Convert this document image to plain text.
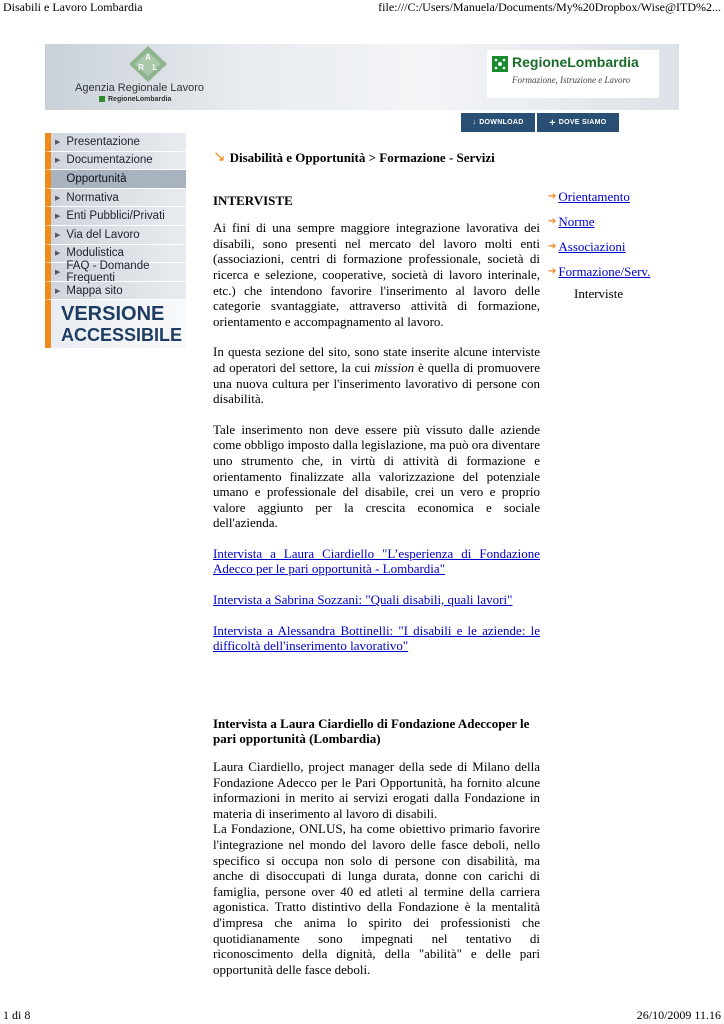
Disabili e Lavoro Lombardia	file:///C:/Users/Manuela/Documents/My%20Dropbox/Wise@ITD%2...
A
R L
Agenzia Regionale Lavoro
RegioneLombardia
RegioneLombardia
Formazione, Istruzione e Lavoro
↓ DOWNLOAD	✛ DOVE SIAMO
▶ Presentazione
▶ Documentazione
Opportunità
▶ Normativa
▶ Enti Pubblici/Privati
▶ Via del Lavoro
▶ Modulistica
▶
FAQ - Domande Frequenti
▶ Mappa sito
VERSIONE
ACCESSIBILE
↘ Disabilità e Opportunità > Formazione - Servizi
INTERVISTE

Ai fini di una sempre maggiore integrazione lavorativa dei disabili, sono presenti nel mercato del lavoro molti enti (associazioni, centri di formazione professionale, società di ricerca e selezione, cooperative, società di lavoro interinale, etc.) che intendono favorire l'inserimento al lavoro delle categorie svantaggiate, attraverso attività di formazione, orientamento e accompagnamento al lavoro.

In questa sezione del sito, sono state inserite alcune interviste ad operatori del settore, la cui mission è quella di promuovere una nuova cultura per l'inserimento lavorativo di persone con disabilità.

Tale inserimento non deve essere più vissuto dalle aziende come obbligo imposto dalla legislazione, ma può ora diventare uno strumento che, in virtù di attività di formazione e orientamento finalizzate alla valorizzazione del potenziale umano e professionale del disabile, crei un vero e proprio valore aggiunto per la crescita economica e sociale dell'azienda.

Intervista a Laura Ciardiello "L’esperienza di Fondazione Adecco per le pari opportunità - Lombardia"
Intervista a Sabrina Sozzani: "Quali disabili, quali lavori"
Intervista a Alessandra Bottinelli: "I disabili e le aziende: le difficoltà dell'inserimento lavorativo"
Intervista a Laura Ciardiello di Fondazione Adeccoper le pari opportunità (Lombardia)

Laura Ciardiello, project manager della sede di Milano della Fondazione Adecco per le Pari Opportunità, ha fornito alcune informazioni in merito ai servizi erogati dalla Fondazione in materia di inserimento al lavoro di disabili.

La Fondazione, ONLUS, ha come obiettivo primario favorire l'integrazione nel mondo del lavoro delle fasce deboli, nello specifico si occupa non solo di persone con disabilità, ma anche di disoccupati di lunga durata, donne con carichi di famiglia, persone over 40 ed atleti al termine della carriera agonistica. Tratto distintivo della Fondazione è la mentalità d'impresa che anima lo spirito dei professionisti che quotidianamente sono impegnati nel tentativo di riconoscimento della dignità, della "abilità" e delle pari opportunità delle fasce deboli.

➔ Orientamento
➔ Norme
➔ Associazioni
➔ Formazione/Serv.
Interviste
1 di 8	26/10/2009 11.16
